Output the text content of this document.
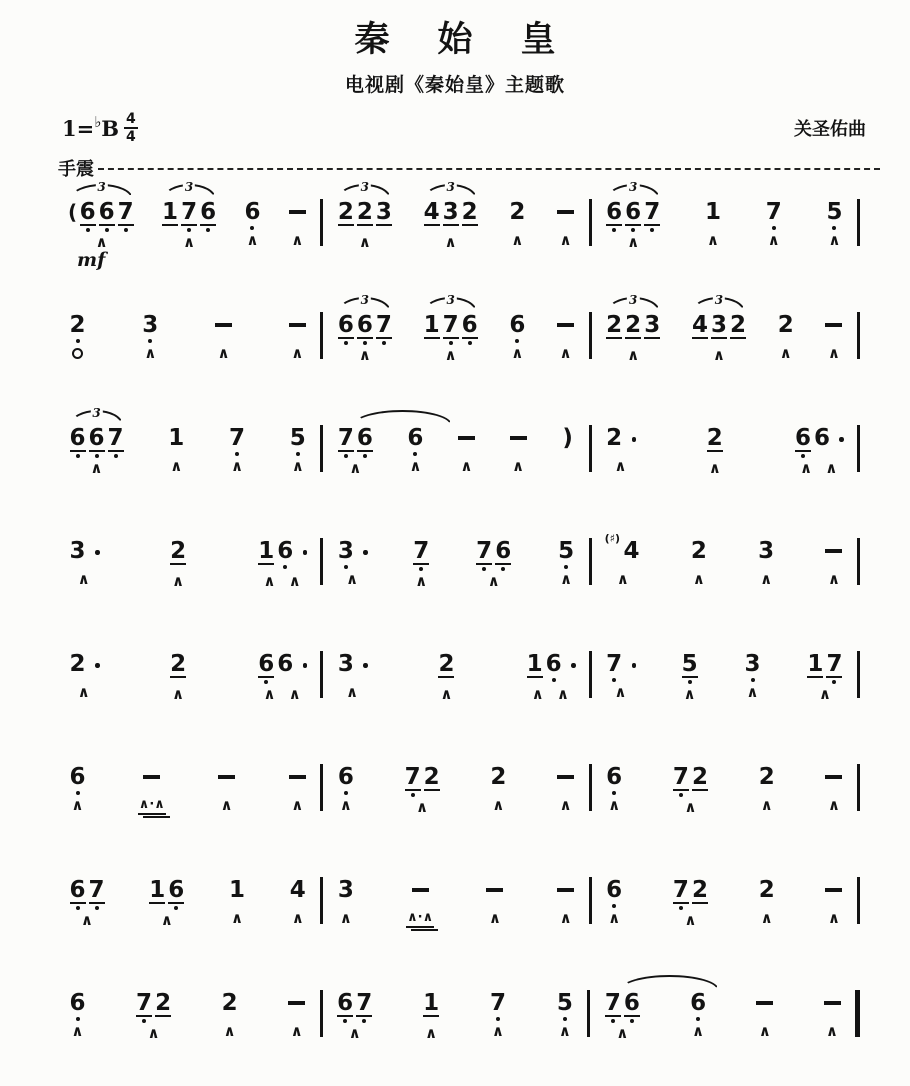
秦始皇
电视剧《秦始皇》主题歌
1= ♭ B $\frac{4}{4}$	关圣佑曲
手震
3
( 6 6 7
∧
3
1 7 6
∧
6
∧ ∧
3
2 2 3
∧
3
4 3 2
∧
2
∧ ∧
3
6 6 7
∧
1
∧
7
∧
5
∧
mf
2 3
∧	∧	∧
3
6 6 7
∧
3
1 7 6
∧
6
∧ ∧
3
2 2 3
∧
3
4 3 2
∧
2
∧ ∧
3
6 6 7
∧
1
∧
7
∧
5
∧
7 6
∧
6
∧	∧	∧
) 2
∧
2
∧
6 6
∧ ∧
3
∧
2
∧
1 6
∧ ∧
3
∧
7
∧
7 6
∧
5
∧
(♯) 4
∧
2
∧
3
∧	∧
2
∧
2
∧
6 6
∧ ∧
3
∧
2
∧
1 6
∧ ∧
7
∧
5
∧
3
∧
1 7
∧
6
∧	∧·∧	∧	∧
6
∧
7 2
∧
2
∧	∧
6
∧
7 2
∧
2
∧	∧
6 7
∧
1 6
∧
1
∧
4
∧
3
∧	∧·∧	∧	∧
6
∧
7 2
∧
2
∧	∧
6
∧
7 2
∧
2
∧	∧
6 7
∧
1
∧
7
∧
5
∧
7 6
∧
6
∧	∧	∧
